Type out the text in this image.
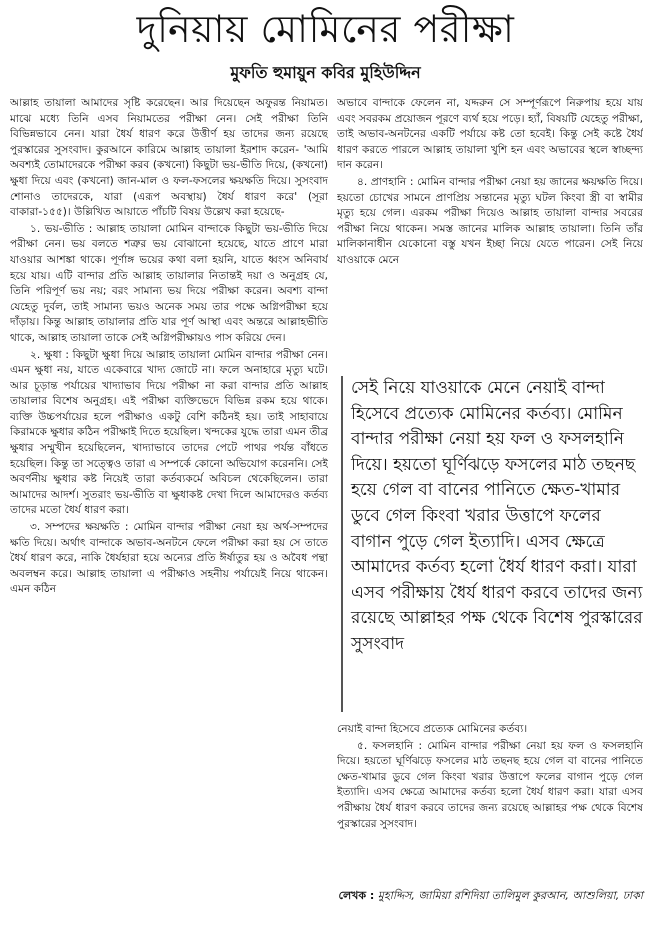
দুনিয়ায় মোমিনের পরীক্ষা
মুফতি হুমায়ুন কবির মুহিউদ্দিন

আল্লাহ তায়ালা আমাদের সৃষ্টি করেছেন। আর দিয়েছেন অফুরন্ত নিয়ামত। মাঝে মধ্যে তিনি এসব নিয়ামতের পরীক্ষা নেন। সেই পরীক্ষা তিনি বিভিন্নভাবে নেন। যারা ধৈর্য ধারণ করে উত্তীর্ণ হয় তাদের জন্য রয়েছে পুরস্কারের সুসংবাদ। কুরআনে কারিমে আল্লাহ তায়ালা ইরশাদ করেন- 'আমি অবশ্যই তোমাদেরকে পরীক্ষা করব (কখনো) কিছুটা ভয়-ভীতি দিয়ে, (কখনো) ক্ষুধা দিয়ে এবং (কখনো) জান-মাল ও ফল-ফসলের ক্ষয়ক্ষতি দিয়ে। সুসংবাদ শোনাও তাদেরকে, যারা (এরূপ অবস্থায়) ধৈর্য ধারণ করে' (সূরা বাকারা-১৫৫)। উল্লিখিত আয়াতে পাঁচটি বিষয় উল্লেখ করা হয়েছে-

১. ভয়-ভীতি : আল্লাহ তায়ালা মোমিন বান্দাকে কিছুটা ভয়-ভীতি দিয়ে পরীক্ষা নেন। ভয় বলতে শত্রুর ভয় বোঝানো হয়েছে, যাতে প্রাণে মারা যাওয়ার আশঙ্কা থাকে। পূর্ণাঙ্গ ভয়ের কথা বলা হয়নি, যাতে ধ্বংস অনিবার্য হয়ে যায়। এটি বান্দার প্রতি আল্লাহ তায়ালার নিতান্তই দয়া ও অনুগ্রহ যে, তিনি পরিপূর্ণ ভয় নয়; বরং সামান্য ভয় দিয়ে পরীক্ষা করেন। অবশ্য বান্দা যেহেতু দুর্বল, তাই সামান্য ভয়ও অনেক সময় তার পক্ষে অগ্নিপরীক্ষা হয়ে দাঁড়ায়। কিন্তু আল্লাহ তায়ালার প্রতি যার পূর্ণ আস্থা এবং অন্তরে আল্লাহভীতি থাকে, আল্লাহ তায়ালা তাকে সেই অগ্নিপরীক্ষায়ও পাস করিয়ে দেন।

২. ক্ষুধা : কিছুটা ক্ষুধা দিয়ে আল্লাহ তায়ালা মোমিন বান্দার পরীক্ষা নেন। এমন ক্ষুধা নয়, যাতে একেবারে খাদ্য জোটে না। ফলে অনাহারে মৃত্যু ঘটে। আর চূড়ান্ত পর্যায়ের খাদ্যাভাব দিয়ে পরীক্ষা না করা বান্দার প্রতি আল্লাহ তায়ালার বিশেষ অনুগ্রহ। এই পরীক্ষা ব্যক্তিভেদে বিভিন্ন রকম হয়ে থাকে। ব্যক্তি উচ্চপর্যায়ের হলে পরীক্ষাও একটু বেশি কঠিনই হয়। তাই সাহাবায়ে কিরামকে ক্ষুধার কঠিন পরীক্ষাই দিতে হয়েছিল। খন্দকের যুদ্ধে তারা এমন তীব্র ক্ষুধার সম্মুখীন হয়েছিলেন, খাদ্যাভাবে তাদের পেটে পাথর পর্যন্ত বাঁধতে হয়েছিল। কিন্তু তা সত্ত্বেও তারা এ সম্পর্কে কোনো অভিযোগ করেননি। সেই অবর্ণনীয় ক্ষুধার কষ্ট নিয়েই তারা কর্তব্যকর্মে অবিচল থেকেছিলেন। তারা আমাদের আদর্শ। সুতরাং ভয়-ভীতি বা ক্ষুধাকষ্ট দেখা দিলে আমাদেরও কর্তব্য তাদের মতো ধৈর্য ধারণ করা।

৩. সম্পদের ক্ষয়ক্ষতি : মোমিন বান্দার পরীক্ষা নেয়া হয় অর্থ-সম্পদের ক্ষতি দিয়ে। অর্থাৎ বান্দাকে অভাব-অনটনে ফেলে পরীক্ষা করা হয় সে তাতে ধৈর্য ধারণ করে, নাকি ধৈর্যহারা হয়ে অন্যের প্রতি ঈর্ষাতুর হয় ও অবৈধ পন্থা অবলম্বন করে। আল্লাহ তায়ালা এ পরীক্ষাও সহনীয় পর্যায়েই নিয়ে থাকেন। এমন কঠিন

অভাবে বান্দাকে ফেলেন না, যদ্দরুন সে সম্পূর্ণরূপে নিরুপায় হয়ে যায় এবং সবরকম প্রয়োজন পূরণে ব্যর্থ হয়ে পড়ে। হ্যাঁ, বিষয়টি যেহেতু পরীক্ষা, তাই অভাব-অনটনের একটি পর্যায়ে কষ্ট তো হবেই। কিন্তু সেই কষ্টে ধৈর্য ধারণ করতে পারলে আল্লাহ তায়ালা খুশি হন এবং অভাবের স্থলে স্বাচ্ছন্দ্য দান করেন।

৪. প্রাণহানি : মোমিন বান্দার পরীক্ষা নেয়া হয় জানের ক্ষয়ক্ষতি দিয়ে। হয়তো চোখের সামনে প্রাণপ্রিয় সন্তানের মৃত্যু ঘটল কিংবা স্ত্রী বা স্বামীর মৃত্যু হয়ে গেল। এরকম পরীক্ষা দিয়েও আল্লাহ তায়ালা বান্দার সবরের পরীক্ষা নিয়ে থাকেন। সমস্ত জানের মালিক আল্লাহ তায়ালা। তিনি তাঁর মালিকানাধীন যেকোনো বস্তু যখন ইচ্ছা নিয়ে যেতে পারেন। সেই নিয়ে যাওয়াকে মেনে

সেই নিয়ে যাওয়াকে মেনে নেয়াই বান্দা হিসেবে প্রত্যেক মোমিনের কর্তব্য। মোমিন বান্দার পরীক্ষা নেয়া হয় ফল ও ফসলহানি দিয়ে। হয়তো ঘূর্ণিঝড়ে ফসলের মাঠ তছনছ হয়ে গেল বা বানের পানিতে ক্ষেত-খামার ডুবে গেল কিংবা খরার উত্তাপে ফলের বাগান পুড়ে গেল ইত্যাদি। এসব ক্ষেত্রে আমাদের কর্তব্য হলো ধৈর্য ধারণ করা। যারা এসব পরীক্ষায় ধৈর্য ধারণ করবে তাদের জন্য রয়েছে আল্লাহর পক্ষ থেকে বিশেষ পুরস্কারের সুসংবাদ

নেয়াই বান্দা হিসেবে প্রত্যেক মোমিনের কর্তব্য।

৫. ফসলহানি : মোমিন বান্দার পরীক্ষা নেয়া হয় ফল ও ফসলহানি দিয়ে। হয়তো ঘূর্ণিঝড়ে ফসলের মাঠ তছনছ হয়ে গেল বা বানের পানিতে ক্ষেত-খামার ডুবে গেল কিংবা খরার উত্তাপে ফলের বাগান পুড়ে গেল ইত্যাদি। এসব ক্ষেত্রে আমাদের কর্তব্য হলো ধৈর্য ধারণ করা। যারা এসব পরীক্ষায় ধৈর্য ধারণ করবে তাদের জন্য রয়েছে আল্লাহর পক্ষ থেকে বিশেষ পুরস্কারের সুসংবাদ।

লেখক : মুহাদ্দিস, জামিয়া রশিদিয়া তালিমুল কুরআন, আশুলিয়া, ঢাকা
